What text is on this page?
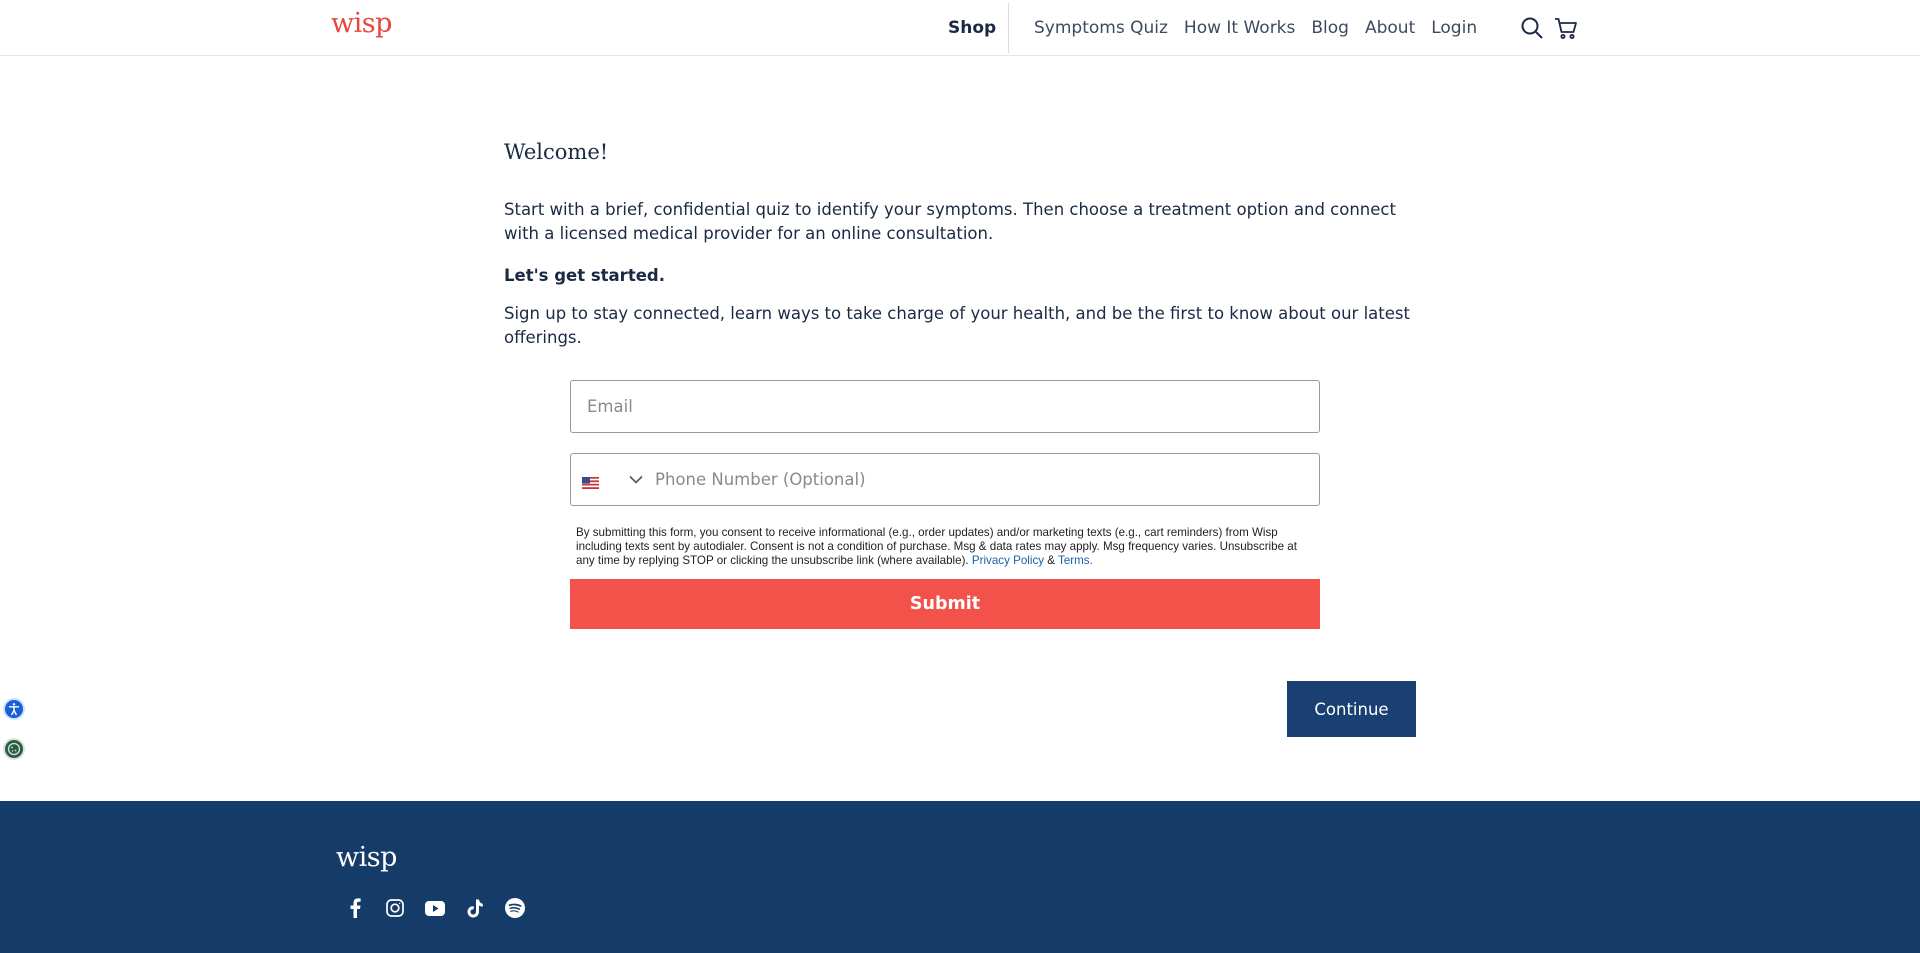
wisp	Shop Symptoms Quiz How It Works Blog About Login
Welcome!

Start with a brief, confidential quiz to identify your symptoms. Then choose a treatment option and connect with a licensed medical provider for an online consultation.

Let's get started.

Sign up to stay connected, learn ways to take charge of your health, and be the first to know about our latest offerings.

Email
Phone Number (Optional)
By submitting this form, you consent to receive informational (e.g., order updates) and/or marketing texts (e.g., cart reminders) from Wisp including texts sent by autodialer. Consent is not a condition of purchase. Msg & data rates may apply. Msg frequency varies. Unsubscribe at any time by replying STOP or clicking the unsubscribe link (where available). Privacy Policy & Terms.
Submit
Continue
wisp
